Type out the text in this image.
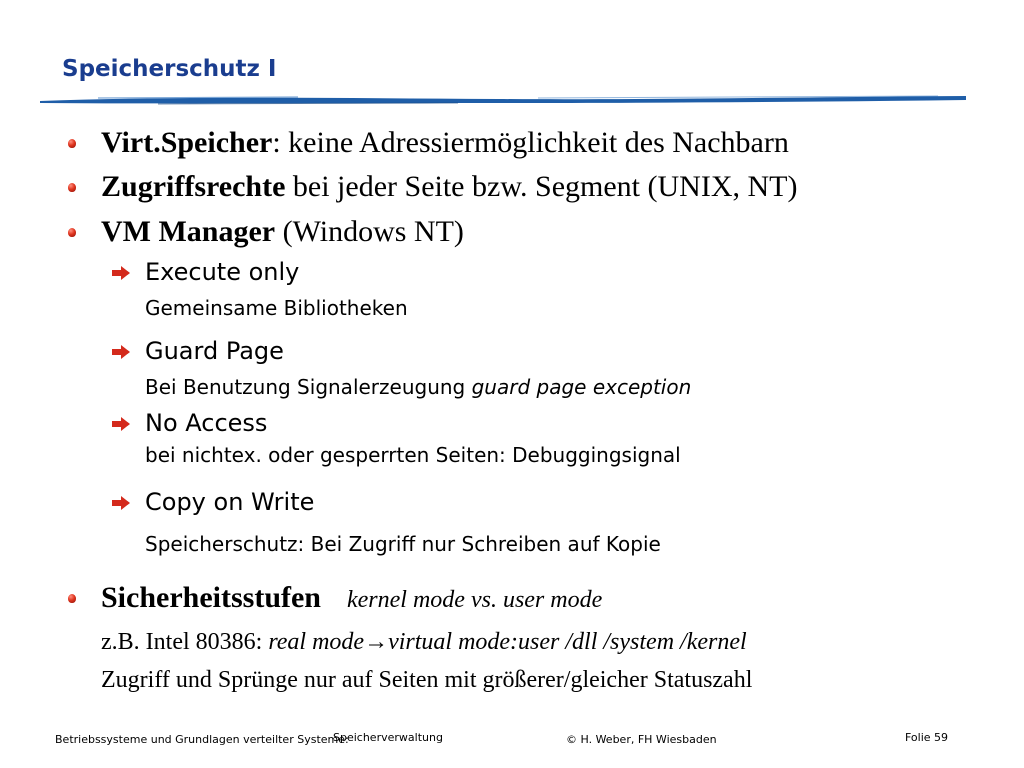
Speicherschutz I
Virt.Speicher: keine Adressiermöglichkeit des Nachbarn
Zugriffsrechte bei jeder Seite bzw. Segment (UNIX, NT)
VM Manager (Windows NT)
Execute only
Gemeinsame Bibliotheken
Guard Page
Bei Benutzung Signalerzeugung guard page exception
No Access
bei nichtex. oder gesperrten Seiten: Debuggingsignal
Copy on Write
Speicherschutz: Bei Zugriff nur Schreiben auf Kopie
Sicherheitsstufen kernel mode vs. user mode
z.B. Intel 80386: real mode→virtual mode:user /dll /system /kernel
Zugriff und Sprünge nur auf Seiten mit größerer/gleicher Statuszahl
Betriebssysteme und Grundlagen verteilter Systeme:
Speicherverwaltung	© H. Weber, FH Wiesbaden	Folie 59
